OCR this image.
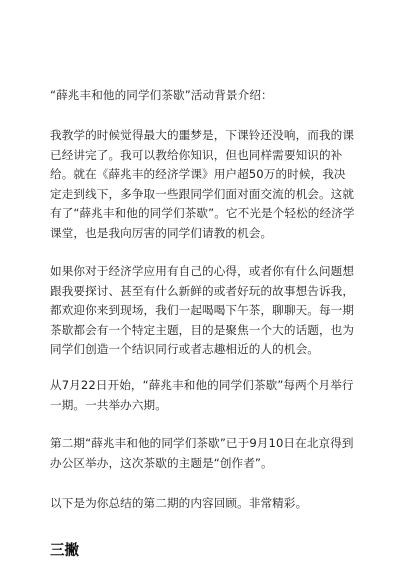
“薛兆丰和他的同学们茶歇”活动背景介绍：

我教学的时候觉得最大的噩梦是，下课铃还没响，而我的课已经讲完了。我可以教给你知识，但也同样需要知识的补给。就在《薛兆丰的经济学课》用户超50万的时候，我决定走到线下，多争取一些跟同学们面对面交流的机会。这就有了“薛兆丰和他的同学们茶歇”。它不光是个轻松的经济学课堂，也是我向厉害的同学们请教的机会。

如果你对于经济学应用有自己的心得，或者你有什么问题想跟我要探讨、甚至有什么新鲜的或者好玩的故事想告诉我，都欢迎你来到现场，我们一起喝喝下午茶，聊聊天。每一期茶歇都会有一个特定主题，目的是聚焦一个大的话题，也为同学们创造一个结识同行或者志趣相近的人的机会。

从7月22日开始，“薛兆丰和他的同学们茶歇”每两个月举行一期。一共举办六期。

第二期“薛兆丰和他的同学们茶歇”已于9月10日在北京得到办公区举办，这次茶歇的主题是“创作者”。

以下是为你总结的第二期的内容回顾。非常精彩。

三撇
